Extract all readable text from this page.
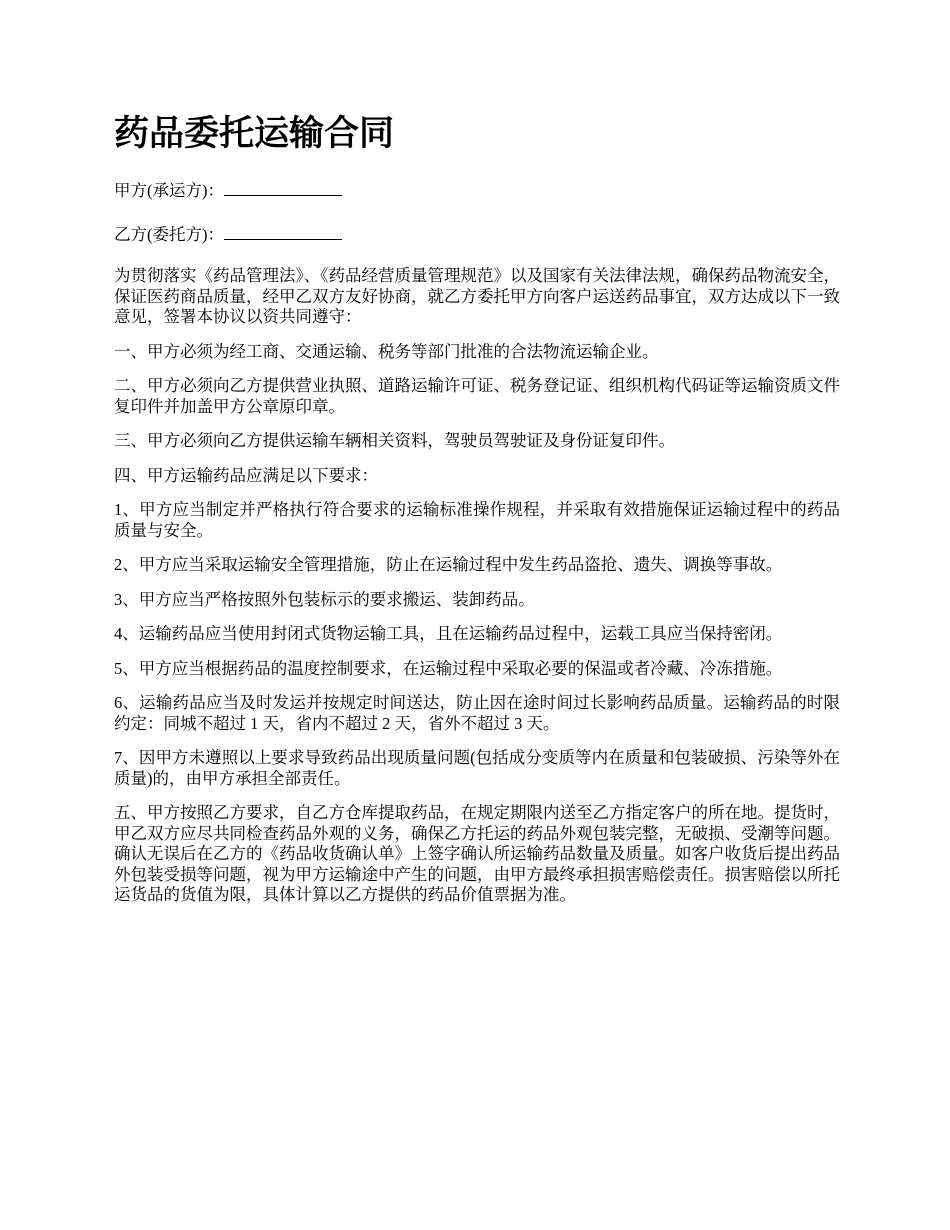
药品委托运输合同

甲方(承运方)：

乙方(委托方)：

为贯彻落实《药品管理法》、《药品经营质量管理规范》以及国家有关法律法规，确保药品物流安全，保证医药商品质量，经甲乙双方友好协商，就乙方委托甲方向客户运送药品事宜，双方达成以下一致意见，签署本协议以资共同遵守：

一、甲方必须为经工商、交通运输、税务等部门批准的合法物流运输企业。

二、甲方必须向乙方提供营业执照、道路运输许可证、税务登记证、组织机构代码证等运输资质文件复印件并加盖甲方公章原印章。

三、甲方必须向乙方提供运输车辆相关资料，驾驶员驾驶证及身份证复印件。

四、甲方运输药品应满足以下要求：

1、甲方应当制定并严格执行符合要求的运输标准操作规程，并采取有效措施保证运输过程中的药品质量与安全。

2、甲方应当采取运输安全管理措施，防止在运输过程中发生药品盗抢、遗失、调换等事故。

3、甲方应当严格按照外包装标示的要求搬运、装卸药品。

4、运输药品应当使用封闭式货物运输工具，且在运输药品过程中，运载工具应当保持密闭。

5、甲方应当根据药品的温度控制要求，在运输过程中采取必要的保温或者冷藏、冷冻措施。

6、运输药品应当及时发运并按规定时间送达，防止因在途时间过长影响药品质量。运输药品的时限约定：同城不超过 1 天，省内不超过 2 天，省外不超过 3 天。

7、因甲方未遵照以上要求导致药品出现质量问题(包括成分变质等内在质量和包装破损、污染等外在质量)的，由甲方承担全部责任。

五、甲方按照乙方要求，自乙方仓库提取药品，在规定期限内送至乙方指定客户的所在地。提货时，甲乙双方应尽共同检查药品外观的义务，确保乙方托运的药品外观包装完整，无破损、受潮等问题。确认无误后在乙方的《药品收货确认单》上签字确认所运输药品数量及质量。如客户收货后提出药品外包装受损等问题，视为甲方运输途中产生的问题，由甲方最终承担损害赔偿责任。损害赔偿以所托运货品的货值为限，具体计算以乙方提供的药品价值票据为准。
